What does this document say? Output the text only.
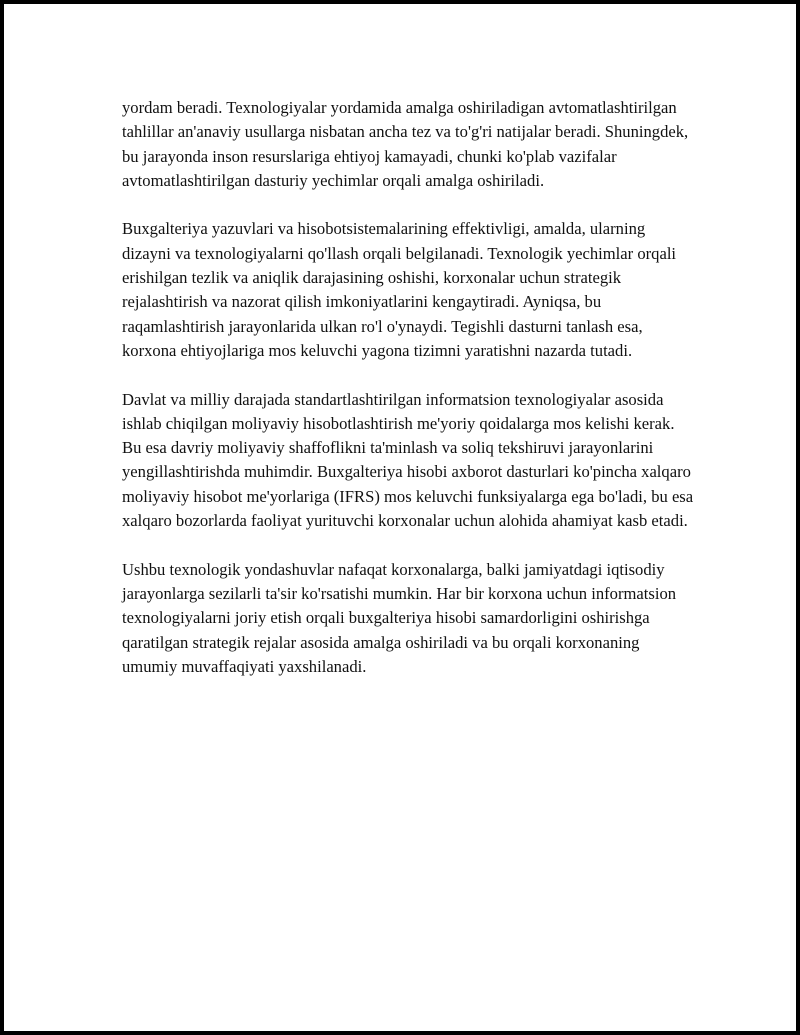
yordam beradi. Texnologiyalar yordamida amalga oshiriladigan avtomatlashtirilgan tahlillar an'anaviy usullarga nisbatan ancha tez va to'g'ri natijalar beradi. Shuningdek, bu jarayonda inson resurslariga ehtiyoj kamayadi, chunki ko'plab vazifalar avtomatlashtirilgan dasturiy yechimlar orqali amalga oshiriladi.

Buxgalteriya yazuvlari va hisobotsistemalarining effektivligi, amalda, ularning dizayni va texnologiyalarni qo'llash orqali belgilanadi. Texnologik yechimlar orqali erishilgan tezlik va aniqlik darajasining oshishi, korxonalar uchun strategik rejalashtirish va nazorat qilish imkoniyatlarini kengaytiradi. Ayniqsa, bu raqamlashtirish jarayonlarida ulkan ro'l o'ynaydi. Tegishli dasturni tanlash esa, korxona ehtiyojlariga mos keluvchi yagona tizimni yaratishni nazarda tutadi.

Davlat va milliy darajada standartlashtirilgan informatsion texnologiyalar asosida ishlab chiqilgan moliyaviy hisobotlashtirish me'yoriy qoidalarga mos kelishi kerak. Bu esa davriy moliyaviy shaffoflikni ta'minlash va soliq tekshiruvi jarayonlarini yengillashtirishda muhimdir. Buxgalteriya hisobi axborot dasturlari ko'pincha xalqaro moliyaviy hisobot me'yorlariga (IFRS) mos keluvchi funksiyalarga ega bo'ladi, bu esa xalqaro bozorlarda faoliyat yurituvchi korxonalar uchun alohida ahamiyat kasb etadi.

Ushbu texnologik yondashuvlar nafaqat korxonalarga, balki jamiyatdagi iqtisodiy jarayonlarga sezilarli ta'sir ko'rsatishi mumkin. Har bir korxona uchun informatsion texnologiyalarni joriy etish orqali buxgalteriya hisobi samardorligini oshirishga qaratilgan strategik rejalar asosida amalga oshiriladi va bu orqali korxonaning umumiy muvaffaqiyati yaxshilanadi.
